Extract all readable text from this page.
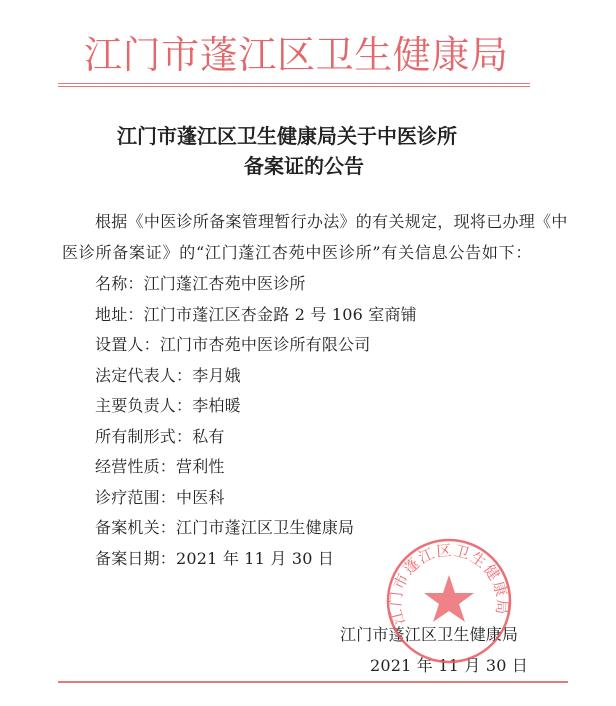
江门市蓬江区卫生健康局
江门市蓬江区卫生健康局关于中医诊所
备案证的公告
根据《中医诊所备案管理暂行办法》的有关规定，现将已办理《中
医诊所备案证》的“江门蓬江杏苑中医诊所”有关信息公告如下：
名称：江门蓬江杏苑中医诊所
地址：江门市蓬江区杏金路 2 号 106 室商铺
设置人：江门市杏苑中医诊所有限公司
法定代表人：李月娥
主要负责人：李柏暖
所有制形式：私有
经营性质：营利性
诊疗范围：中医科
备案机关：江门市蓬江区卫生健康局
备案日期：2021 年 11 月 30 日
江门市蓬江区卫生健康局
2021 年 11 月 30 日
江门市蓬江区卫生健康局
